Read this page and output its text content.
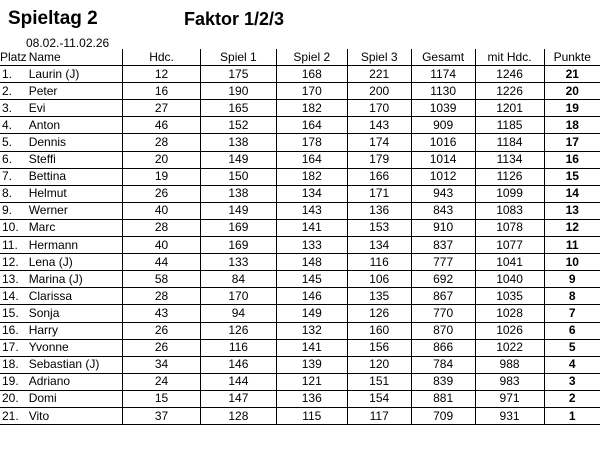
Spieltag 2	Faktor 1/2/3
08.02.-11.02.26
Platz	Name	Hdc.	Spiel 1	Spiel 2	Spiel 3	Gesamt	mit Hdc.	Punkte
1.	Laurin (J)	12	175	168	221	1174	1246	21
2.	Peter	16	190	170	200	1130	1226	20
3.	Evi	27	165	182	170	1039	1201	19
4.	Anton	46	152	164	143	909	1185	18
5.	Dennis	28	138	178	174	1016	1184	17
6.	Steffi	20	149	164	179	1014	1134	16
7.	Bettina	19	150	182	166	1012	1126	15
8.	Helmut	26	138	134	171	943	1099	14
9.	Werner	40	149	143	136	843	1083	13
10.	Marc	28	169	141	153	910	1078	12
11.	Hermann	40	169	133	134	837	1077	11
12.	Lena (J)	44	133	148	116	777	1041	10
13.	Marina (J)	58	84	145	106	692	1040	9
14.	Clarissa	28	170	146	135	867	1035	8
15.	Sonja	43	94	149	126	770	1028	7
16.	Harry	26	126	132	160	870	1026	6
17.	Yvonne	26	116	141	156	866	1022	5
18.	Sebastian (J)	34	146	139	120	784	988	4
19.	Adriano	24	144	121	151	839	983	3
20.	Domi	15	147	136	154	881	971	2
21.	Vito	37	128	115	117	709	931	1
